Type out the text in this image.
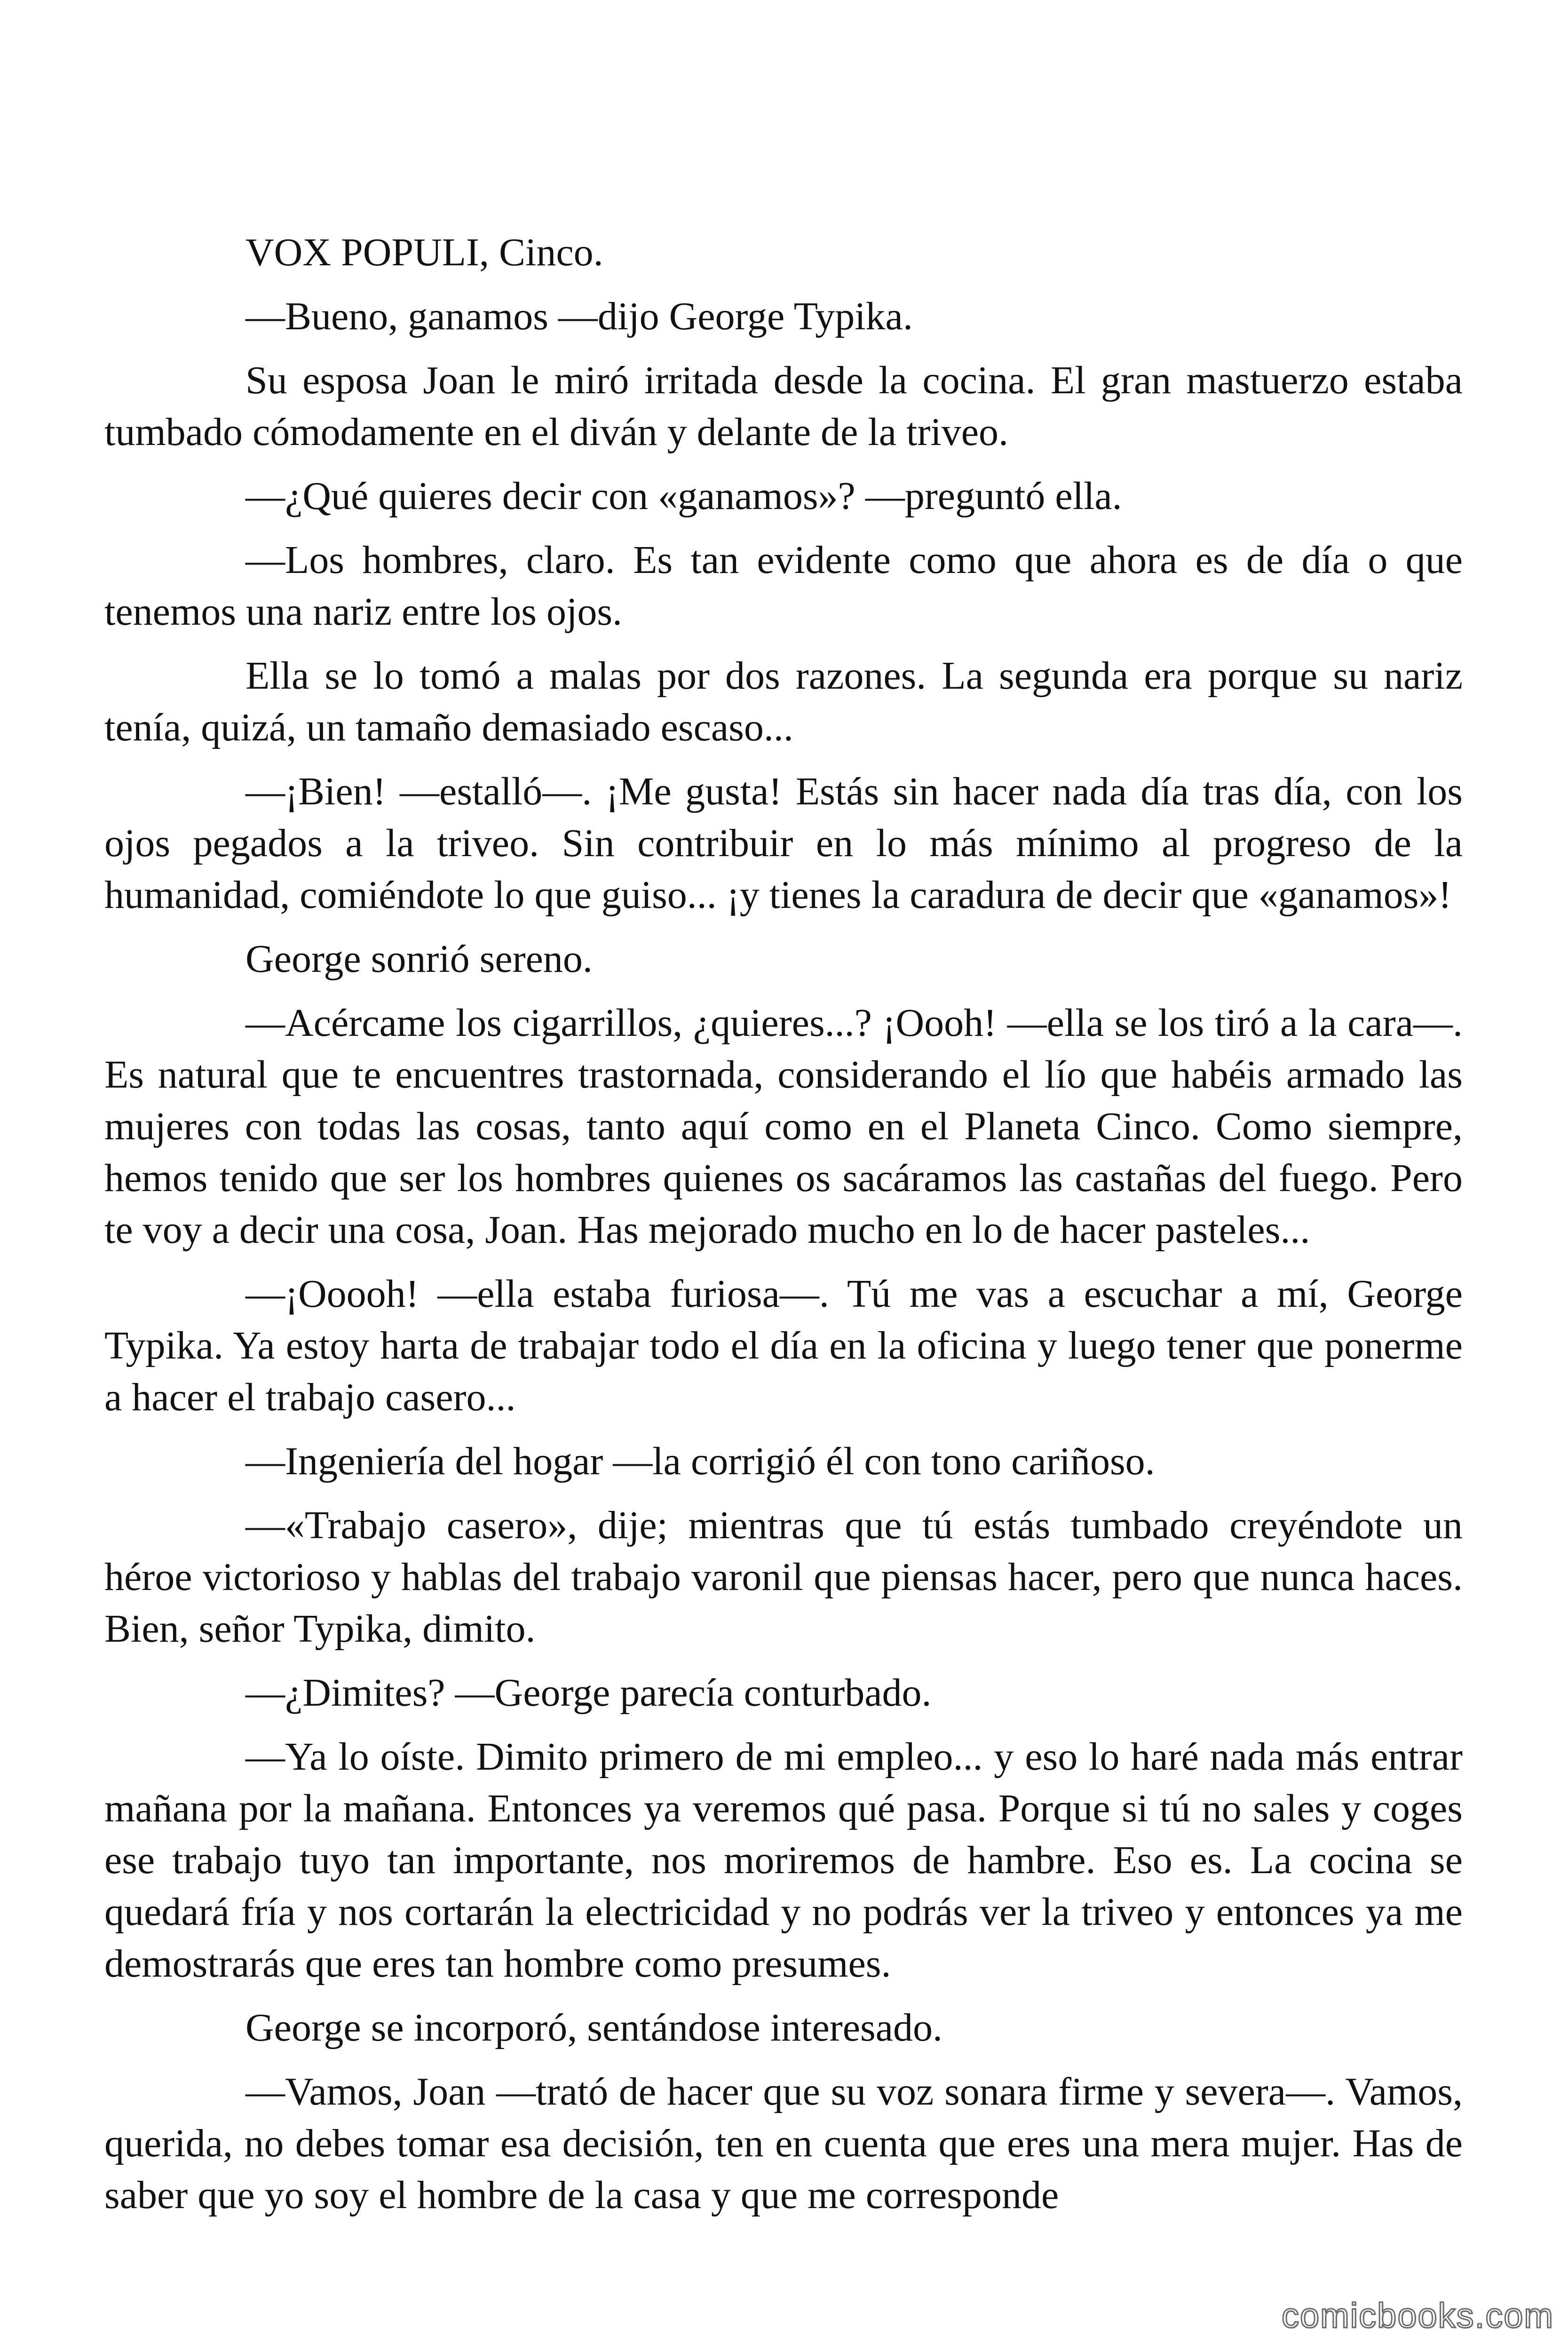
VOX POPULI, Cinco.

—Bueno, ganamos —dijo George Typika.

Su esposa Joan le miró irritada desde la cocina. El gran mastuerzo estaba tumbado cómodamente en el diván y delante de la triveo.

—¿Qué quieres decir con «ganamos»? —preguntó ella.

—Los hombres, claro. Es tan evidente como que ahora es de día o que tenemos una nariz entre los ojos.

Ella se lo tomó a malas por dos razones. La segunda era porque su nariz tenía, quizá, un tamaño demasiado escaso...

—¡Bien! —estalló—. ¡Me gusta! Estás sin hacer nada día tras día, con los ojos pegados a la triveo. Sin contribuir en lo más mínimo al progreso de la humanidad, comiéndote lo que guiso... ¡y tienes la caradura de decir que «ganamos»!

George sonrió sereno.

—Acércame los cigarrillos, ¿quieres...? ¡Oooh! —ella se los tiró a la cara—. Es natural que te encuentres trastornada, considerando el lío que habéis armado las mujeres con todas las cosas, tanto aquí como en el Planeta Cinco. Como siempre, hemos tenido que ser los hombres quienes os sacáramos las castañas del fuego. Pero te voy a decir una cosa, Joan. Has mejorado mucho en lo de hacer pasteles...

—¡Ooooh! —ella estaba furiosa—. Tú me vas a escuchar a mí, George Typika. Ya estoy harta de trabajar todo el día en la oficina y luego tener que ponerme a hacer el trabajo casero...

—Ingeniería del hogar —la corrigió él con tono cariñoso.

—«Trabajo casero», dije; mientras que tú estás tumbado creyéndote un héroe victorioso y hablas del trabajo varonil que piensas hacer, pero que nunca haces. Bien, señor Typika, dimito.

—¿Dimites? —George parecía conturbado.

—Ya lo oíste. Dimito primero de mi empleo... y eso lo haré nada más entrar mañana por la mañana. Entonces ya veremos qué pasa. Porque si tú no sales y coges ese trabajo tuyo tan importante, nos moriremos de hambre. Eso es. La cocina se quedará fría y nos cortarán la electricidad y no podrás ver la triveo y entonces ya me demostrarás que eres tan hombre como presumes.

George se incorporó, sentándose interesado.

—Vamos, Joan —trató de hacer que su voz sonara firme y severa—. Vamos, querida, no debes tomar esa decisión, ten en cuenta que eres una mera mujer. Has de saber que yo soy el hombre de la casa y que me corresponde

comicbooks.com
